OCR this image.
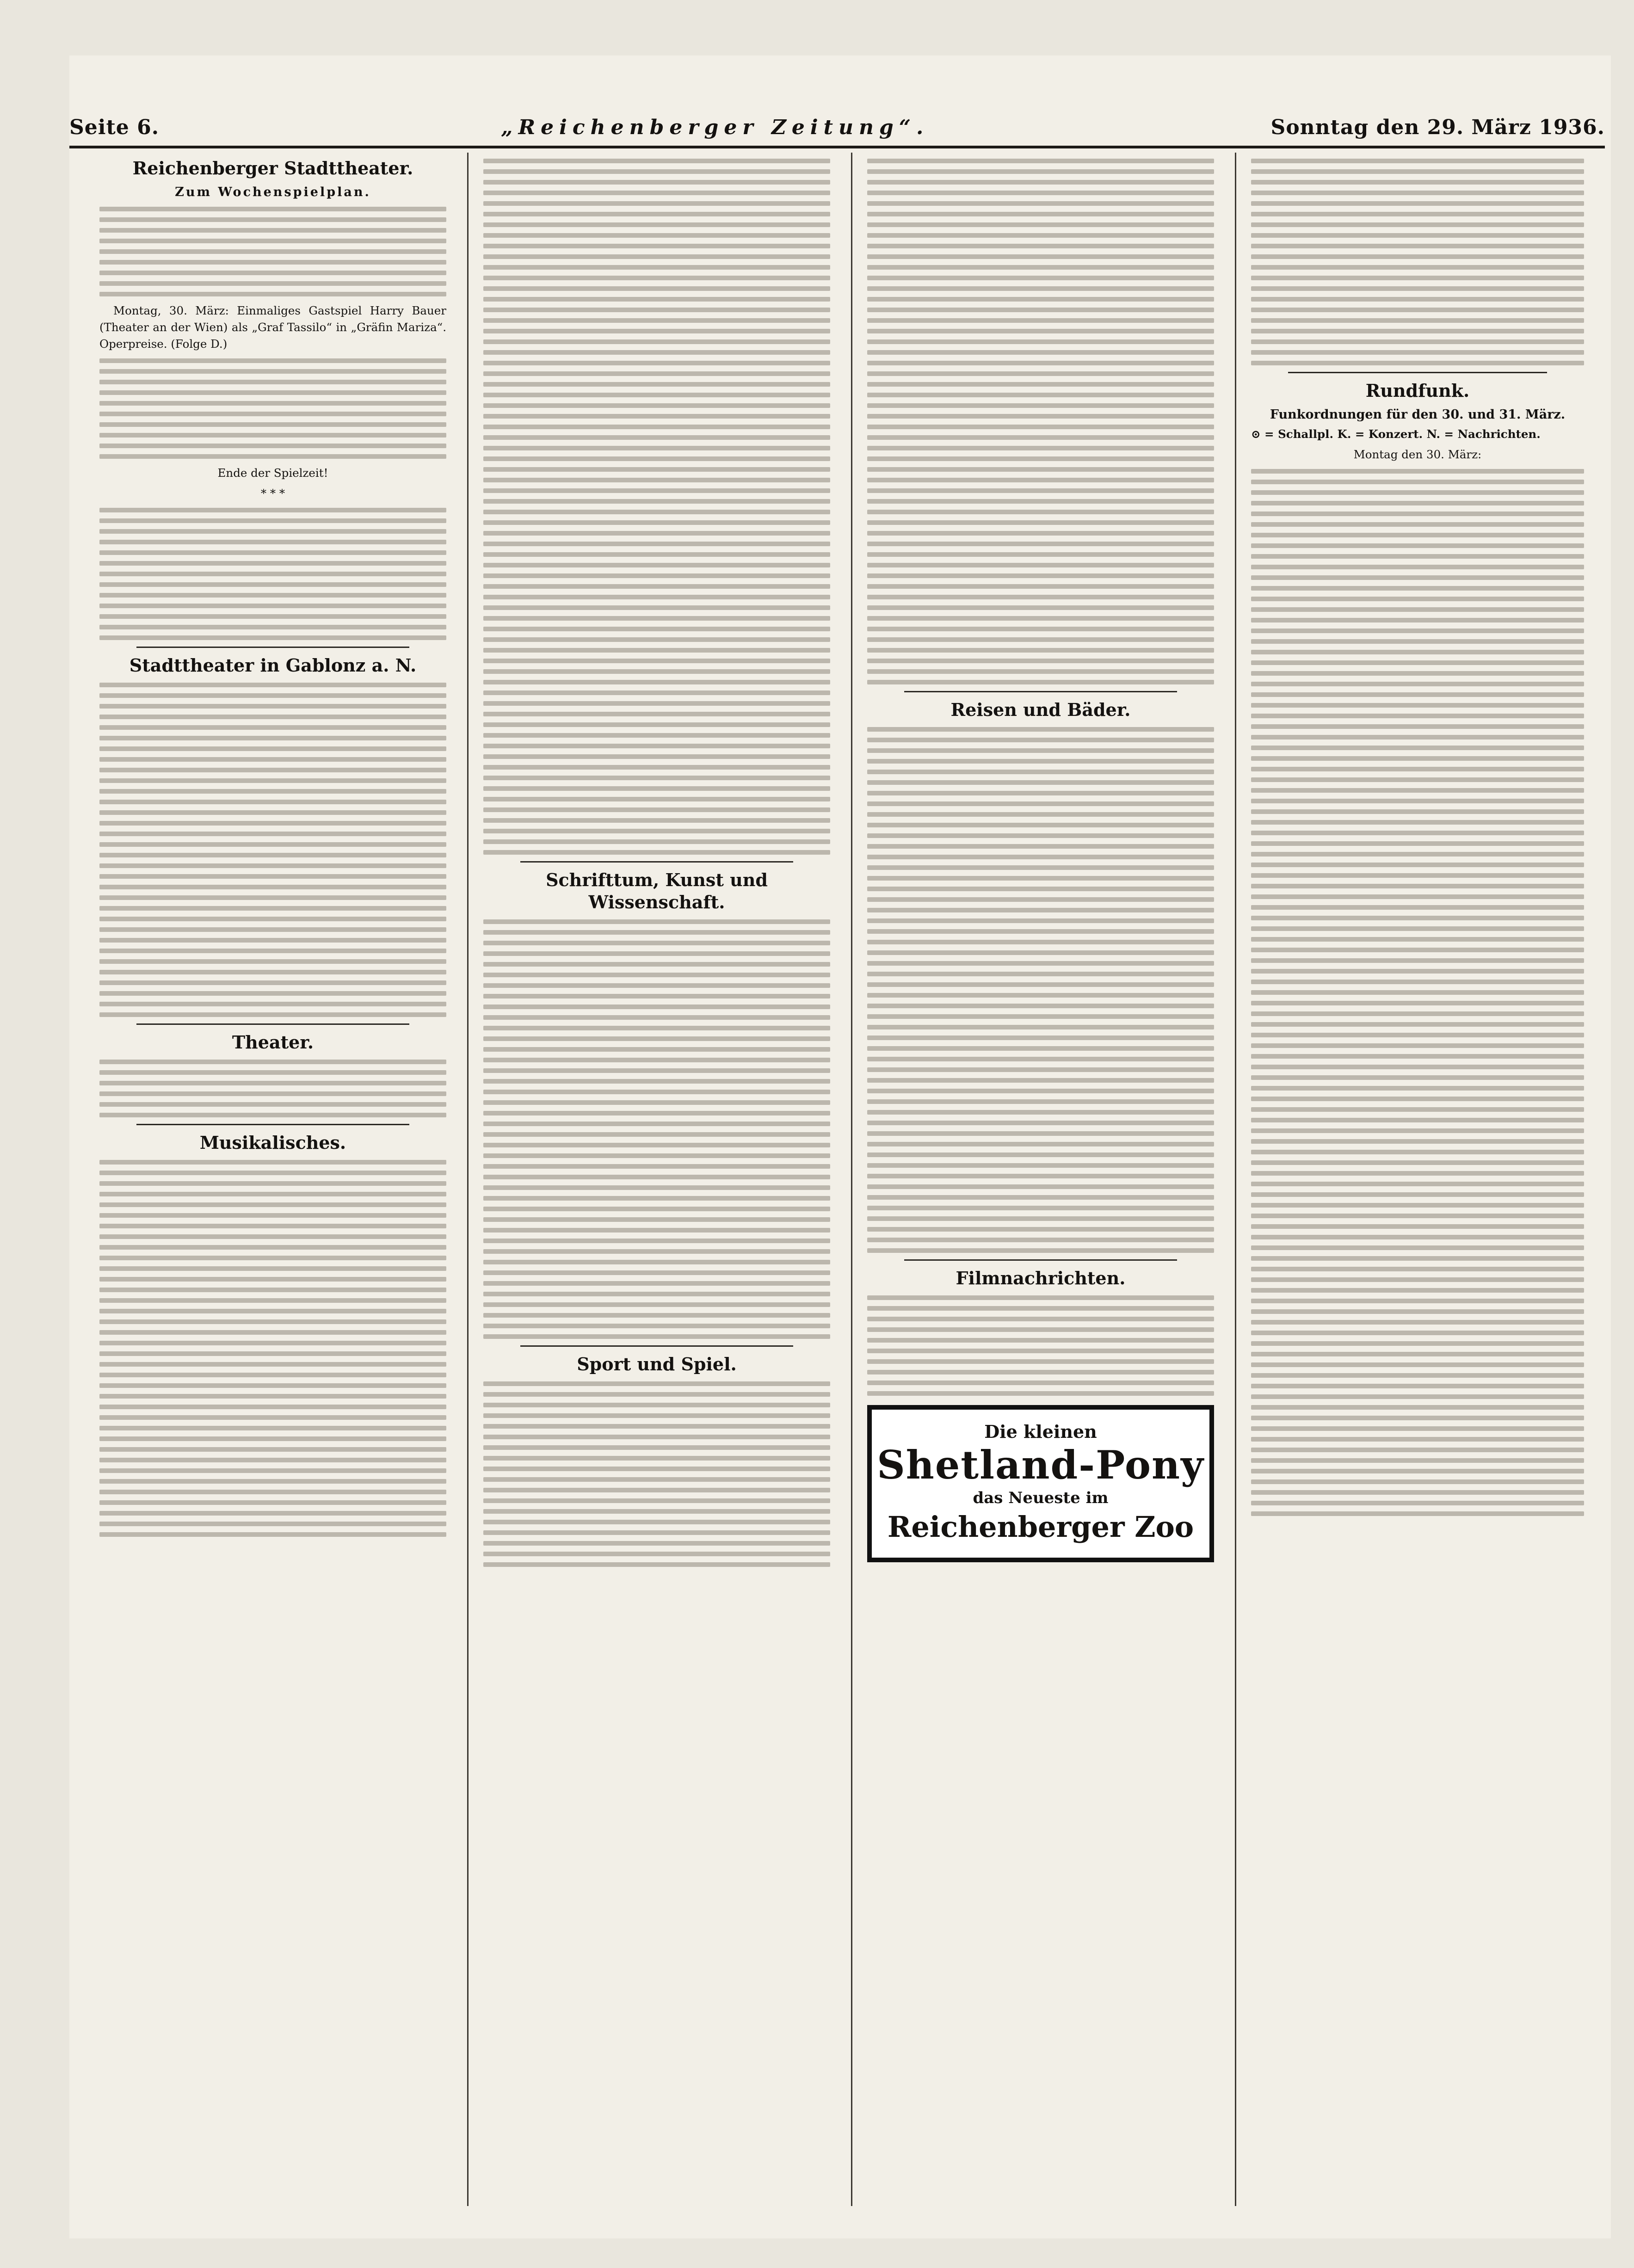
Seite 6.	„Reichenberger Zeitung“.	Sonntag den 29. März 1936.
Reichenberger Stadttheater.
Zum Wochenspielplan.

Montag, 30. März: Einmaliges Gastspiel Harry Bauer (Theater an der Wien) als „Graf Tassilo“ in „Gräfin Mariza“. Operpreise. (Folge D.)

Ende der Spielzeit!

* * *

Stadttheater in Gablonz a. N.
Theater.
Musikalisches.
Schrifttum, Kunst und Wissenschaft.
Sport und Spiel.
Reisen und Bäder.
Filmnachrichten.
Die kleinen
Shetland-Pony
das Neueste im
Reichenberger Zoo
Rundfunk.
Funkordnungen für den 30. und 31. März.

⊙ = Schallpl. K. = Konzert. N. = Nachrichten.

Montag den 30. März:
